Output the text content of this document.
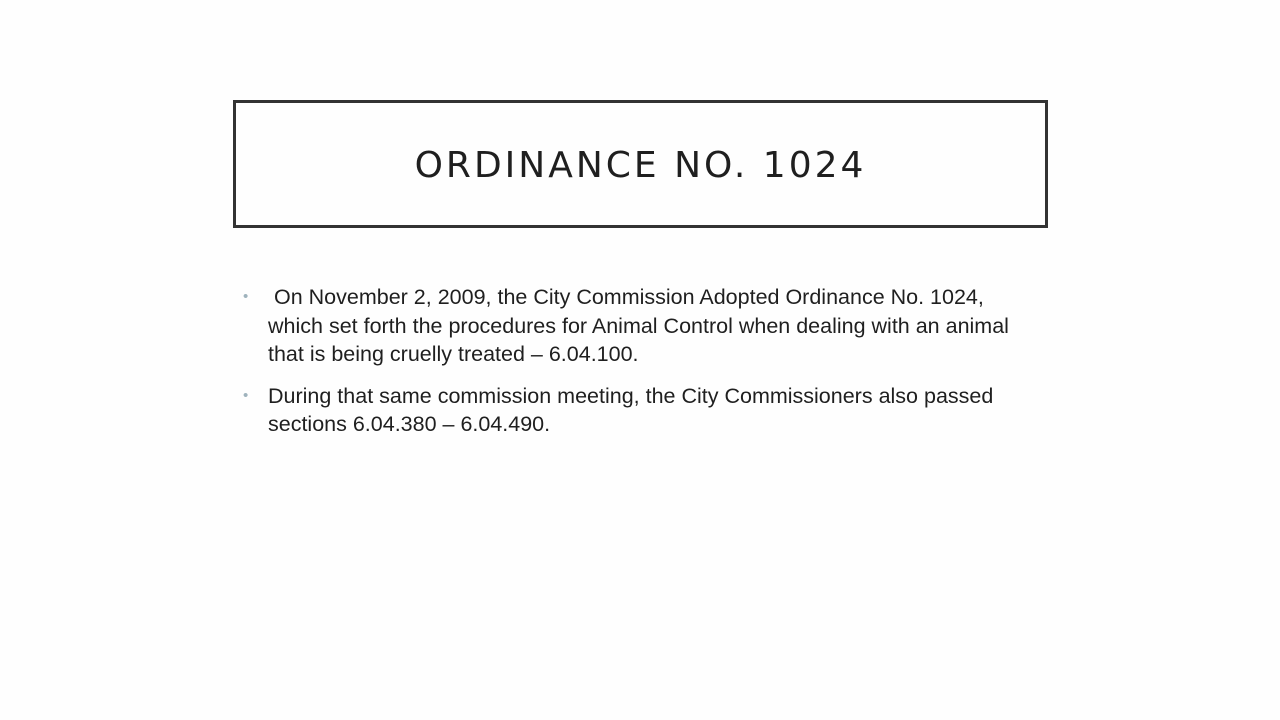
ORDINANCE NO. 1024
• On November 2, 2009, the City Commission Adopted Ordinance No. 1024, which set forth the procedures for Animal Control when dealing with an animal that is being cruelly treated – 6.04.100.
• During that same commission meeting, the City Commissioners also passed sections 6.04.380 – 6.04.490.
